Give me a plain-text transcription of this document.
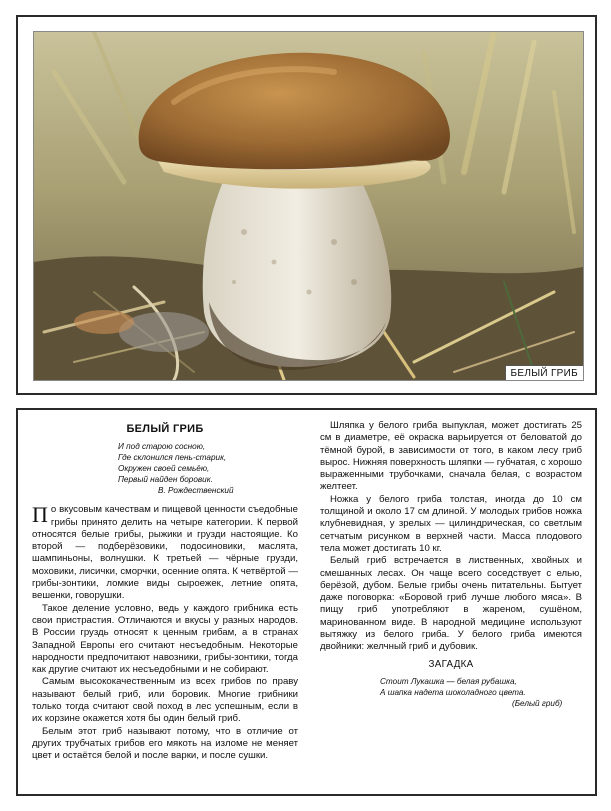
БЕЛЫЙ ГРИБ
БЕЛЫЙ ГРИБ
И под старою сосною,
Где склонился пень-старик,
Окружен своей семьёю,
Первый найден боровик.
В. Рождественский

По вкусовым качествам и пищевой ценности съедобные грибы принято делить на четыре категории. К первой относятся белые грибы, рыжики и грузди настоящие. Ко второй — подберёзовики, подосиновики, маслята, шампиньоны, волнушки. К третьей — чёрные грузди, моховики, лисички, сморчки, осенние опята. К четвёртой — грибы-зонтики, ломкие виды сыроежек, летние опята, вешенки, говорушки.

Такое деление условно, ведь у каждого грибника есть свои пристрастия. Отличаются и вкусы у разных народов. В России груздь относят к ценным грибам, а в странах Западной Европы его считают несъедобным. Некоторые народности предпочитают навозники, грибы-зонтики, тогда как другие считают их несъедобными и не собирают.

Самым высококачественным из всех грибов по праву называют белый гриб, или боровик. Многие грибники только тогда считают свой поход в лес успешным, если в их корзине окажется хотя бы один белый гриб.

Белым этот гриб называют потому, что в отличие от других трубчатых грибов его мякоть на изломе не меняет цвет и остаётся белой и после варки, и после сушки.

Шляпка у белого гриба выпуклая, может достигать 25 см в диаметре, её окраска варьируется от беловатой до тёмной бурой, в зависимости от того, в каком лесу гриб вырос. Нижняя поверхность шляпки — губчатая, с хорошо выраженными трубочками, сначала белая, с возрастом желтеет.

Ножка у белого гриба толстая, иногда до 10 см толщиной и около 17 см длиной. У молодых грибов ножка клубневидная, у зрелых — цилиндрическая, со светлым сетчатым рисунком в верхней части. Масса плодового тела может достигать 10 кг.

Белый гриб встречается в лиственных, хвойных и смешанных лесах. Он чаще всего соседствует с елью, берёзой, дубом. Белые грибы очень питательны. Бытует даже поговорка: «Боровой гриб лучше любого мяса». В пищу гриб употребляют в жареном, сушёном, маринованном виде. В народной медицине используют вытяжку из белого гриба. У белого гриба имеются двойники: желчный гриб и дубовик.

ЗАГАДКА
Стоит Лукашка — белая рубашка,
А шапка надета шоколадного цвета.
(Белый гриб)
